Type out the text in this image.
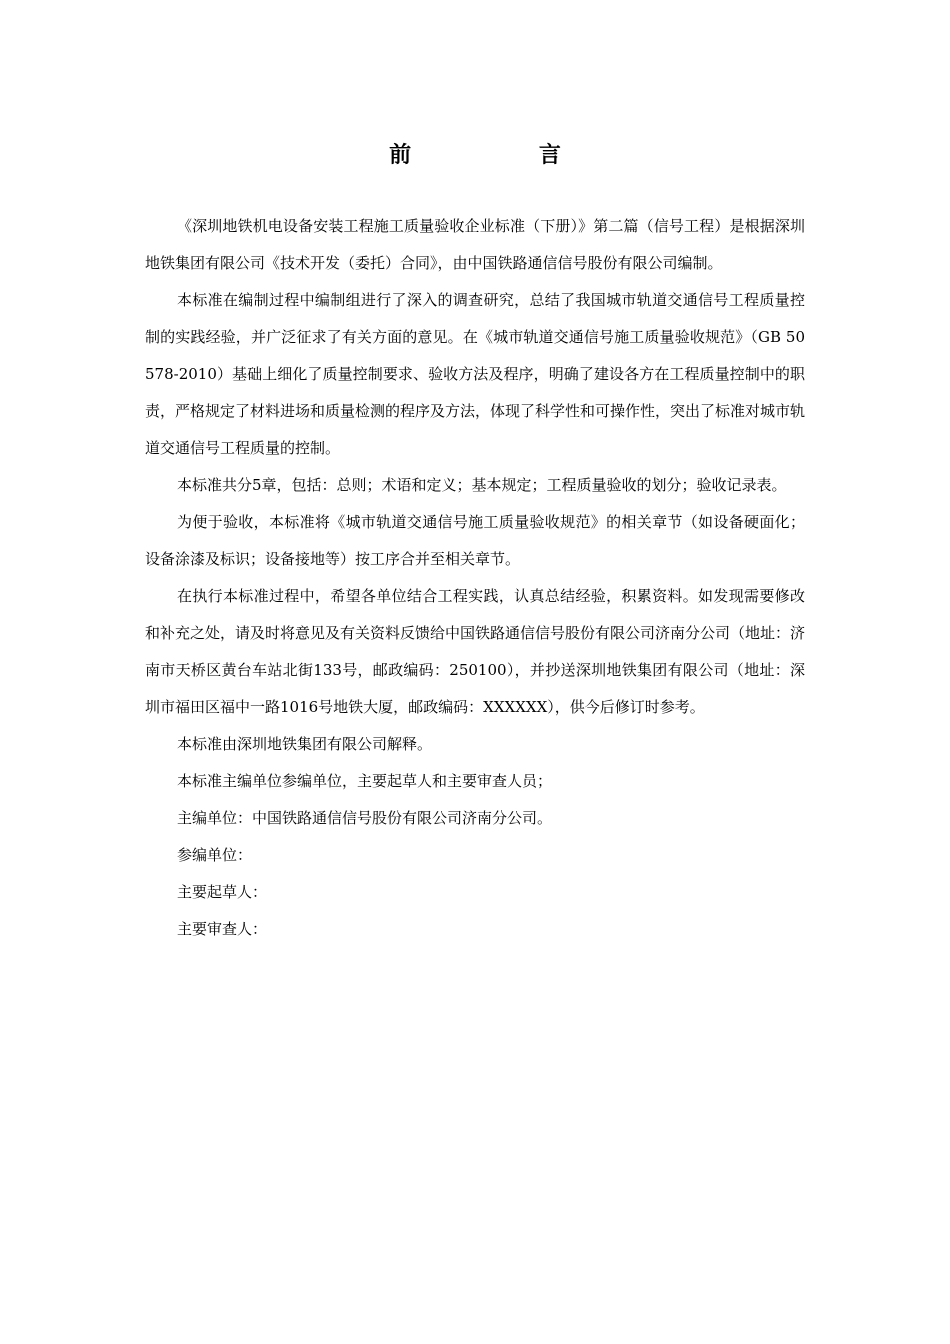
前 言

《深圳地铁机电设备安装工程施工质量验收企业标准（下册）》第二篇（信号工程）是根据深圳地铁集团有限公司《技术开发（委托）合同》，由中国铁路通信信号股份有限公司编制。

本标准在编制过程中编制组进行了深入的调查研究，总结了我国城市轨道交通信号工程质量控制的实践经验，并广泛征求了有关方面的意见。在《城市轨道交通信号施工质量验收规范》（GB 50578-2010）基础上细化了质量控制要求、验收方法及程序，明确了建设各方在工程质量控制中的职责，严格规定了材料进场和质量检测的程序及方法，体现了科学性和可操作性，突出了标准对城市轨道交通信号工程质量的控制。

本标准共分5章，包括：总则；术语和定义；基本规定；工程质量验收的划分；验收记录表。

为便于验收，本标准将《城市轨道交通信号施工质量验收规范》的相关章节（如设备硬面化；设备涂漆及标识；设备接地等）按工序合并至相关章节。

在执行本标准过程中，希望各单位结合工程实践，认真总结经验，积累资料。如发现需要修改和补充之处，请及时将意见及有关资料反馈给中国铁路通信信号股份有限公司济南分公司（地址：济南市天桥区黄台车站北街133号，邮政编码：250100），并抄送深圳地铁集团有限公司（地址：深圳市福田区福中一路1016号地铁大厦，邮政编码：XXXXXX），供今后修订时参考。

本标准由深圳地铁集团有限公司解释。

本标准主编单位参编单位，主要起草人和主要审查人员；

主编单位：中国铁路通信信号股份有限公司济南分公司。

参编单位：

主要起草人：

主要审查人：
